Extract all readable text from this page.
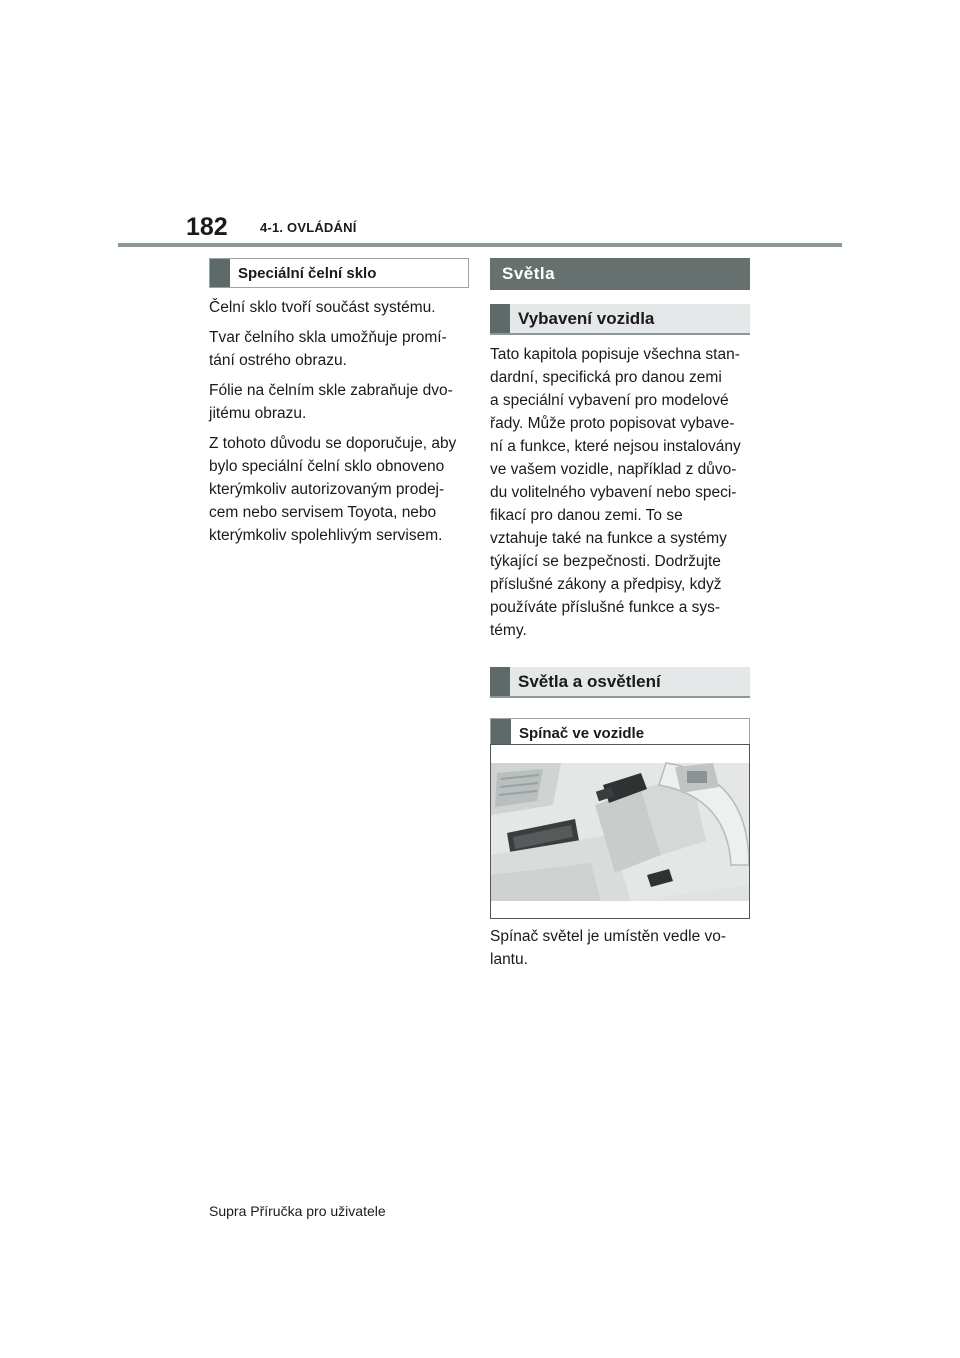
182 4-1. OVLÁDÁNÍ
Speciální čelní sklo

Čelní sklo tvoří součást systému.

Tvar čelního skla umožňuje promí-
tání ostrého obrazu.

Fólie na čelním skle zabraňuje dvo-
jitému obrazu.

Z tohoto důvodu se doporučuje, aby
bylo speciální čelní sklo obnoveno
kterýmkoliv autorizovaným prodej-
cem nebo servisem Toyota, nebo
kterýmkoliv spolehlivým servisem.

Světla
Vybavení vozidla

Tato kapitola popisuje všechna stan-
dardní, specifická pro danou zemi
a speciální vybavení pro modelové
řady. Může proto popisovat vybave-
ní a funkce, které nejsou instalovány
ve vašem vozidle, například z důvo-
du volitelného vybavení nebo speci-
fikací pro danou zemi. To se
vztahuje také na funkce a systémy
týkající se bezpečnosti. Dodržujte
příslušné zákony a předpisy, když
používáte příslušné funkce a sys-
témy.

Světla a osvětlení
Spínač ve vozidle

Spínač světel je umístěn vedle vo-
lantu.

Supra Příručka pro uživatele
